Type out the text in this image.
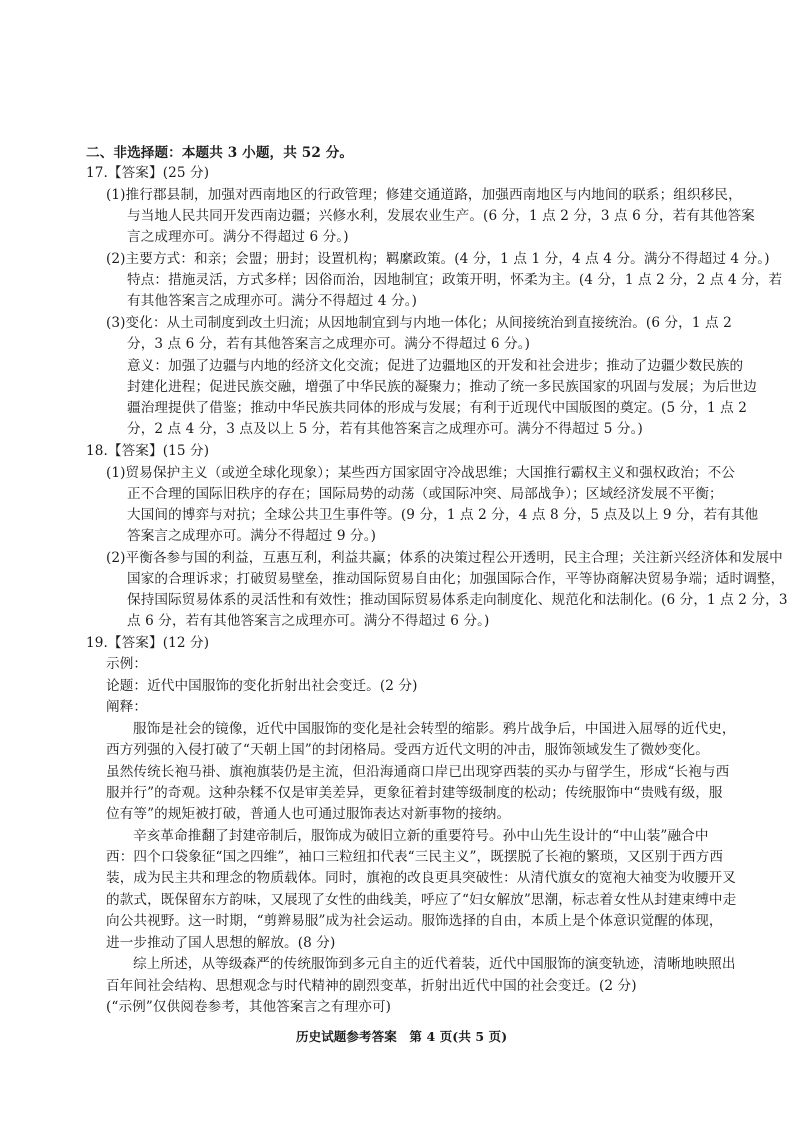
二、非选择题：本题共 3 小题，共 52 分。
17.【答案】(25 分)
(1)推行郡县制，加强对西南地区的行政管理；修建交通道路，加强西南地区与内地间的联系；组织移民，
与当地人民共同开发西南边疆；兴修水利，发展农业生产。(6 分，1 点 2 分，3 点 6 分，若有其他答案
言之成理亦可。满分不得超过 6 分。)
(2)主要方式：和亲；会盟；册封；设置机构；羁縻政策。(4 分，1 点 1 分，4 点 4 分。满分不得超过 4 分。)
特点：措施灵活，方式多样；因俗而治，因地制宜；政策开明，怀柔为主。(4 分，1 点 2 分，2 点 4 分，若
有其他答案言之成理亦可。满分不得超过 4 分。)
(3)变化：从土司制度到改土归流；从因地制宜到与内地一体化；从间接统治到直接统治。(6 分，1 点 2
分，3 点 6 分，若有其他答案言之成理亦可。满分不得超过 6 分。)
意义：加强了边疆与内地的经济文化交流；促进了边疆地区的开发和社会进步；推动了边疆少数民族的
封建化进程；促进民族交融，增强了中华民族的凝聚力；推动了统一多民族国家的巩固与发展；为后世边
疆治理提供了借鉴；推动中华民族共同体的形成与发展；有利于近现代中国版图的奠定。(5 分，1 点 2
分，2 点 4 分，3 点及以上 5 分，若有其他答案言之成理亦可。满分不得超过 5 分。)
18.【答案】(15 分)
(1)贸易保护主义（或逆全球化现象）；某些西方国家固守冷战思维；大国推行霸权主义和强权政治；不公
正不合理的国际旧秩序的存在；国际局势的动荡（或国际冲突、局部战争）；区域经济发展不平衡；
大国间的博弈与对抗；全球公共卫生事件等。(9 分，1 点 2 分，4 点 8 分，5 点及以上 9 分，若有其他
答案言之成理亦可。满分不得超过 9 分。)
(2)平衡各参与国的利益，互惠互利，利益共赢；体系的决策过程公开透明，民主合理；关注新兴经济体和发展中
国家的合理诉求；打破贸易壁垒，推动国际贸易自由化；加强国际合作，平等协商解决贸易争端；适时调整，
保持国际贸易体系的灵活性和有效性；推动国际贸易体系走向制度化、规范化和法制化。(6 分，1 点 2 分，3
点 6 分，若有其他答案言之成理亦可。满分不得超过 6 分。)
19.【答案】(12 分)
示例：
论题：近代中国服饰的变化折射出社会变迁。(2 分)
阐释：
服饰是社会的镜像，近代中国服饰的变化是社会转型的缩影。鸦片战争后，中国进入屈辱的近代史，
西方列强的入侵打破了“天朝上国”的封闭格局。受西方近代文明的冲击，服饰领域发生了微妙变化。
虽然传统长袍马褂、旗袍旗装仍是主流，但沿海通商口岸已出现穿西装的买办与留学生，形成“长袍与西
服并行”的奇观。这种杂糅不仅是审美差异，更象征着封建等级制度的松动；传统服饰中“贵贱有级，服
位有等”的规矩被打破，普通人也可通过服饰表达对新事物的接纳。
辛亥革命推翻了封建帝制后，服饰成为破旧立新的重要符号。孙中山先生设计的“中山装”融合中
西：四个口袋象征“国之四维”，袖口三粒纽扣代表“三民主义”，既摆脱了长袍的繁琐，又区别于西方西
装，成为民主共和理念的物质载体。同时，旗袍的改良更具突破性：从清代旗女的宽袍大袖变为收腰开叉
的款式，既保留东方韵味，又展现了女性的曲线美，呼应了“妇女解放”思潮，标志着女性从封建束缚中走
向公共视野。这一时期，“剪辫易服”成为社会运动。服饰选择的自由，本质上是个体意识觉醒的体现，
进一步推动了国人思想的解放。(8 分)
综上所述，从等级森严的传统服饰到多元自主的近代着装，近代中国服饰的演变轨迹，清晰地映照出
百年间社会结构、思想观念与时代精神的剧烈变革，折射出近代中国的社会变迁。(2 分)
(“示例”仅供阅卷参考，其他答案言之有理亦可)
历史试题参考答案　第 4 页(共 5 页)
